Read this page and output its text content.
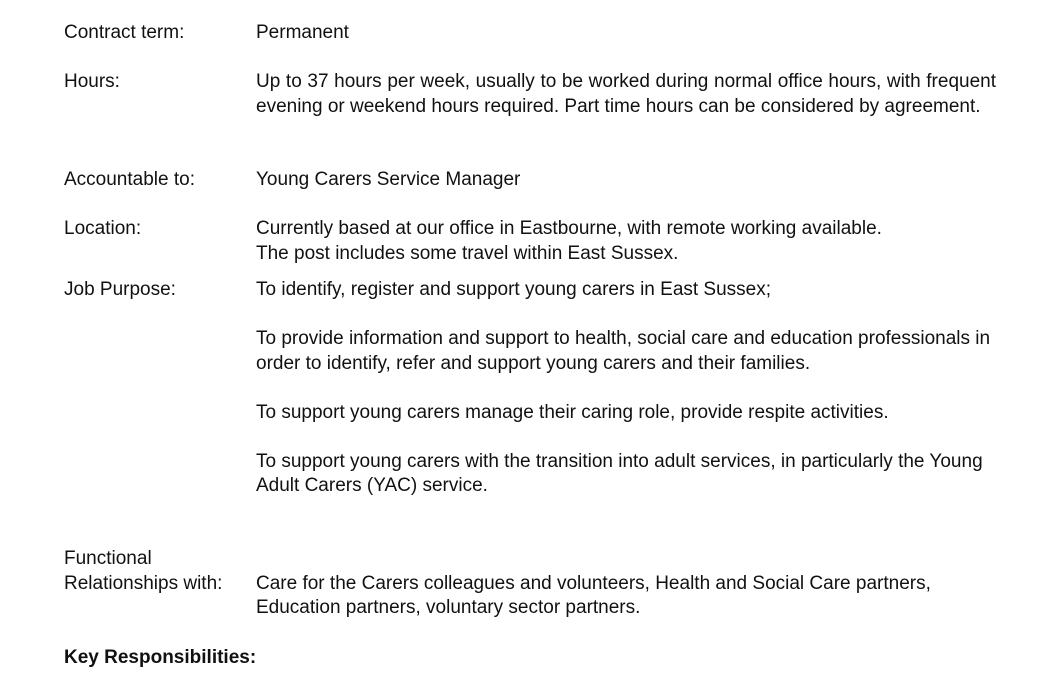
Contract term:	Permanent
Hours:	Up to 37 hours per week, usually to be worked during normal office hours, with frequent evening or weekend hours required. Part time hours can be considered by agreement.
Accountable to:	Young Carers Service Manager
Location:	Currently based at our office in Eastbourne, with remote working available.
The post includes some travel within East Sussex.
Job Purpose:	To identify, register and support young carers in East Sussex;

To provide information and support to health, social care and education professionals in order to identify, refer and support young carers and their families.

To support young carers manage their caring role, provide respite activities.

To support young carers with the transition into adult services, in particularly the Young Adult Carers (YAC) service.

Functional
Relationships with:	Care for the Carers colleagues and volunteers, Health and Social Care partners, Education partners, voluntary sector partners.
Key Responsibilities:
